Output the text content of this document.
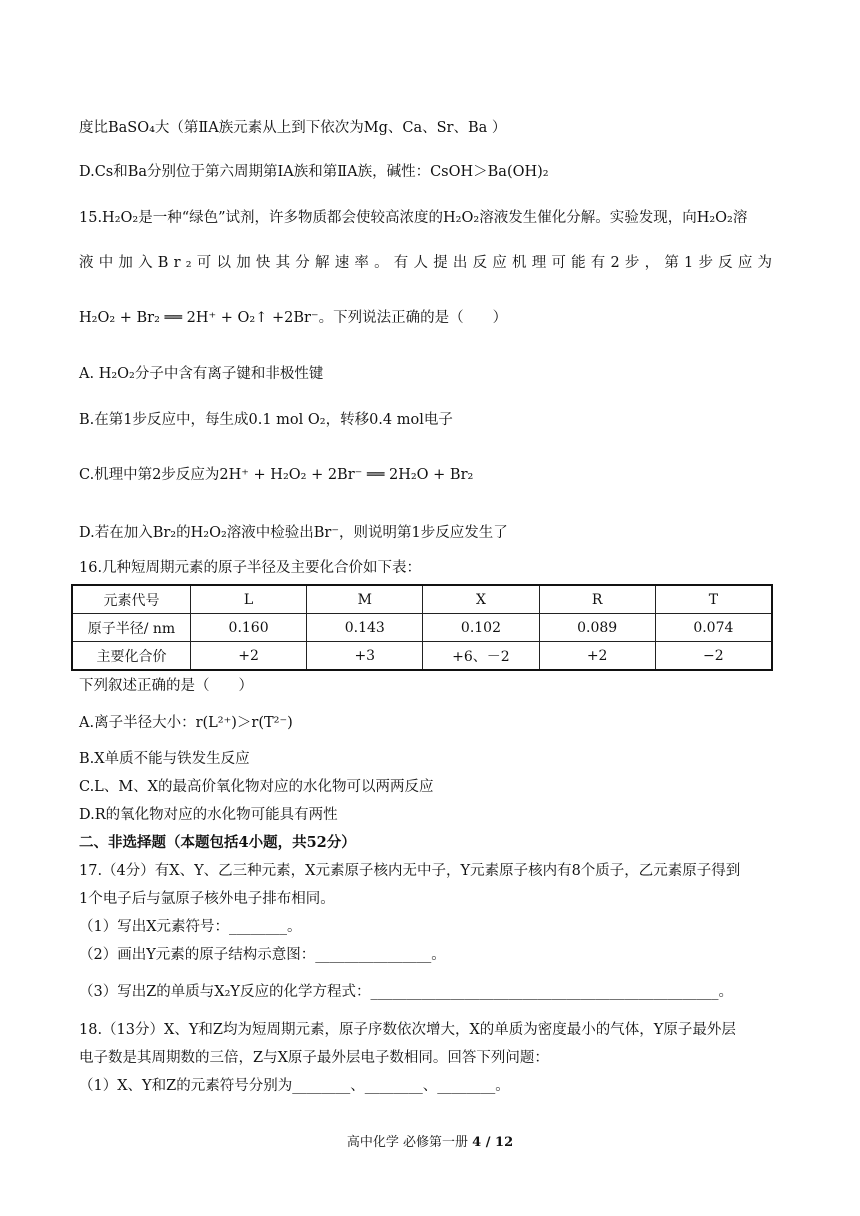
度比BaSO₄大（第ⅡA族元素从上到下依次为Mg、Ca、Sr、Ba ）
D.Cs和Ba分别位于第六周期第IA族和第ⅡA族，碱性：CsOH＞Ba(OH)₂
15.H₂O₂是一种“绿色”试剂，许多物质都会使较高浓度的H₂O₂溶液发生催化分解。实验发现，向H₂O₂溶
液中加入Br₂可以加快其分解速率。有人提出反应机理可能有2步，第1步反应为
H₂O₂ + Br₂ ══ 2H⁺ + O₂↑ +2Br⁻。下列说法正确的是（　　）
A. H₂O₂分子中含有离子键和非极性键
B.在第1步反应中，每生成0.1 mol O₂，转移0.4 mol电子
C.机理中第2步反应为2H⁺ + H₂O₂ + 2Br⁻ ══ 2H₂O + Br₂
D.若在加入Br₂的H₂O₂溶液中检验出Br⁻，则说明第1步反应发生了
16.几种短周期元素的原子半径及主要化合价如下表：
元素代号	L	M	X	R	T
原子半径/ nm	0.160	0.143	0.102	0.089	0.074
主要化合价	+2	+3	+6、－2	+2	−2
下列叙述正确的是（　　）
A.离子半径大小：r(L²⁺)＞r(T²⁻)
B.X单质不能与铁发生反应
C.L、M、X的最高价氧化物对应的水化物可以两两反应
D.R的氧化物对应的水化物可能具有两性
二、非选择题（本题包括4小题，共52分）
17.（4分）有X、Y、乙三种元素，X元素原子核内无中子，Y元素原子核内有8个质子，乙元素原子得到
1个电子后与氩原子核外电子排布相同。
（1）写出X元素符号：________。
（2）画出Y元素的原子结构示意图：________________。
（3）写出Z的单质与X₂Y反应的化学方程式：________________________________________________。
18.（13分）X、Y和Z均为短周期元素，原子序数依次增大，X的单质为密度最小的气体，Y原子最外层
电子数是其周期数的三倍，Z与X原子最外层电子数相同。回答下列问题：
（1）X、Y和Z的元素符号分别为________、________、________。
高中化学 必修第一册 4 / 12
